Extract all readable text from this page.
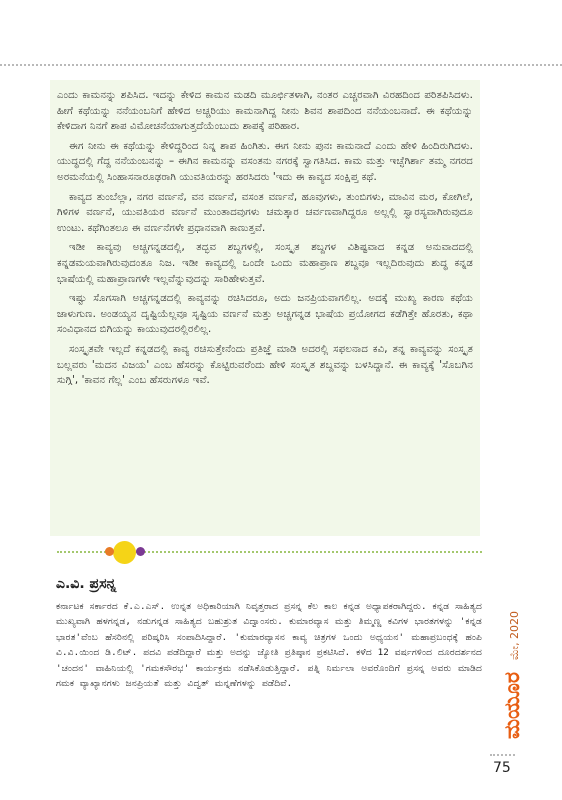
ಎಂದು ಕಾಮನನ್ನು ಶಪಿಸಿದ. ಇದನ್ನು ಕೇಳಿದ ಕಾಮನ ಮಡದಿ ಮೂರ್ಛಿತಳಾಗಿ, ನಂತರ ಎಚ್ಚರವಾಗಿ ವಿರಹದಿಂದ ಪರಿತಪಿಸಿದಳು. ಹೀಗೆ ಕಥೆಯನ್ನು ನನೆಯಂಬನಿಗೆ ಹೇಳಿದ ಅಚ್ಚರಿಯು ಕಾಮನಾಗಿದ್ದ ನೀನು ಶಿವನ ಶಾಪದಿಂದ ನನೆಯಂಬನಾದೆ. ಈ ಕಥೆಯನ್ನು ಕೇಳಿದಾಗ ನಿನಗೆ ಶಾಪ ವಿಮೋಚನೆಯಾಗುತ್ತದೆಯೆಂಬುದು ಶಾಪಕ್ಕೆ ಪರಿಹಾರ.

ಈಗ ನೀನು ಈ ಕಥೆಯನ್ನು ಕೇಳಿದ್ದರಿಂದ ನಿನ್ನ ಶಾಪ ಹಿಂಗಿತು. ಈಗ ನೀನು ಪುನಃ ಕಾಮನಾದೆ ಎಂದು ಹೇಳಿ ಹಿಂದಿರುಗಿದಳು. ಯುದ್ಧದಲ್ಲಿ ಗೆದ್ದ ನನೆಯಂಬನನ್ನು – ಈಗಿನ ಕಾಮನನ್ನು ವಸಂತನು ನಗರಕ್ಕೆ ಸ್ವಾಗತಿಸಿದ. ಕಾಮ ಮತ್ತು ಇಚ್ಛೆಗಿರ್ಶಾ ತಮ್ಮ ನಗರದ ಅರಮನೆಯಲ್ಲಿ ಸಿಂಹಾಸನಾರೂಢರಾಗಿ ಯುವತಿಯರನ್ನು ಹರಸಿದರು 'ಇದು ಈ ಕಾವ್ಯದ ಸಂಕ್ಷಿಪ್ತ ಕಥೆ.

ಕಾವ್ಯದ ತುಂಬೆಲ್ಲಾ, ನಗರ ವರ್ಣನೆ, ವನ ವರ್ಣನೆ, ವಸಂತ ವರ್ಣನೆ, ಹೂವುಗಳು, ತುಂಬಿಗಳು, ಮಾವಿನ ಮರ, ಕೋಗಿಲೆ, ಗಿಳಿಗಳ ವರ್ಣನೆ, ಯುವತಿಯರ ವರ್ಣನೆ ಮುಂತಾದವುಗಳು ಚಮತ್ಕಾರ ಚರ್ವಣವಾಗಿದ್ದರೂ ಅಲ್ಲಲ್ಲಿ ಸ್ವಾರಸ್ಯವಾಗಿರುವುದೂ ಉಂಟು. ಕಥೆಗಿಂತಲೂ ಈ ವರ್ಣನೆಗಳೇ ಪ್ರಧಾನವಾಗಿ ಕಾಣುತ್ತವೆ.

ಇಡೀ ಕಾವ್ಯವು ಅಚ್ಚಗನ್ನಡದಲ್ಲಿ, ತದ್ಭವ ಶಬ್ದಗಳಲ್ಲಿ, ಸಂಸ್ಕೃತ ಶಬ್ದಗಳ ವಿಶಿಷ್ಟವಾದ ಕನ್ನಡ ಅನುವಾದದಲ್ಲಿ ಕನ್ನಡಮಯವಾಗಿರುವುದಂತೂ ನಿಜ. ಇಡೀ ಕಾವ್ಯದಲ್ಲಿ ಒಂದೇ ಒಂದು ಮಹಾಪ್ರಾಣ ಶಬ್ದವೂ ಇಲ್ಲದಿರುವುದು ಶುದ್ಧ ಕನ್ನಡ ಭಾಷೆಯಲ್ಲಿ ಮಹಾಪ್ರಾಣಗಳೇ ಇಲ್ಲವೆನ್ನುವುದನ್ನು ಸಾರಿಹೇಳುತ್ತವೆ.

ಇಷ್ಟು ಸೊಗಸಾಗಿ ಅಚ್ಚಗನ್ನಡದಲ್ಲಿ ಕಾವ್ಯವನ್ನು ರಚಿಸಿದರೂ, ಅದು ಜನಪ್ರಿಯವಾಗಲಿಲ್ಲ. ಅದಕ್ಕೆ ಮುಖ್ಯ ಕಾರಣ ಕಥೆಯ ಜಾಳುಗುಣ. ಅಂಡಯ್ಯನ ದೃಷ್ಟಿಯೆಲ್ಲವೂ ಸೃಷ್ಟಿಯ ವರ್ಣನೆ ಮತ್ತು ಅಚ್ಚಗನ್ನಡ ಭಾಷೆಯ ಪ್ರಯೋಗದ ಕಡೆಗಿತ್ತೇ ಹೊರತು, ಕಥಾ ಸಂವಿಧಾನದ ಬಿಗಿಯನ್ನು ಕಾಯುವುದರಲ್ಲಿರಲಿಲ್ಲ.

ಸಂಸ್ಕೃತವೇ ಇಲ್ಲದೆ ಕನ್ನಡದಲ್ಲಿ ಕಾವ್ಯ ರಚಿಸುತ್ತೇನೆಂದು ಪ್ರತಿಜ್ಞೆ ಮಾಡಿ ಅದರಲ್ಲಿ ಸಫಲನಾದ ಕವಿ, ತನ್ನ ಕಾವ್ಯವನ್ನು ಸಂಸ್ಕೃತ ಬಲ್ಲವರು 'ಮದನ ವಿಜಯ' ಎಂಬ ಹೆಸರನ್ನು ಕೊಟ್ಟಿರುವರೆಂದು ಹೇಳಿ ಸಂಸ್ಕೃತ ಶಬ್ದವನ್ನು ಬಳಸಿದ್ದಾನೆ. ಈ ಕಾವ್ಯಕ್ಕೆ 'ಸೊಬಗಿನ ಸುಗ್ಗಿ', 'ಕಾವನ ಗೆಲ್ಲ' ಎಂಬ ಹೆಸರುಗಳೂ ಇವೆ.

ಎ.ವಿ. ಪ್ರಸನ್ನ

ಕರ್ನಾಟಕ ಸರ್ಕಾರದ ಕೆ.ಎ.ಎಸ್. ಉನ್ನತ ಅಧಿಕಾರಿಯಾಗಿ ನಿವೃತ್ತರಾದ ಪ್ರಸನ್ನ ಕೆಲ ಕಾಲ ಕನ್ನಡ ಅಧ್ಯಾಪಕರಾಗಿದ್ದರು. ಕನ್ನಡ ಸಾಹಿತ್ಯದ ಮುಖ್ಯವಾಗಿ ಹಳಗನ್ನಡ, ನಡುಗನ್ನಡ ಸಾಹಿತ್ಯದ ಬಹುಶ್ರುತ ವಿದ್ವಾಂಸರು. ಕುಮಾರವ್ಯಾಸ ಮತ್ತು ತಿಮ್ಮಣ್ಣ ಕವಿಗಳ ಭಾರತಗಳನ್ನು 'ಕನ್ನಡ ಭಾರತ'ವೆಂಬ ಹೆಸರಿನಲ್ಲಿ ಪರಿಷ್ಕರಿಸಿ ಸಂಪಾದಿಸಿದ್ದಾರೆ. 'ಕುಮಾರವ್ಯಾಸನ ಕಾವ್ಯ ಚಿತ್ರಗಳ ಒಂದು ಅಧ್ಯಯನ' ಮಹಾಪ್ರಬಂಧಕ್ಕೆ ಹಂಪಿ ವಿ.ವಿ.ಯಿಂದ ಡಿ.ಲಿಟ್. ಪದವಿ ಪಡೆದಿದ್ದಾರೆ ಮತ್ತು ಅದನ್ನು ಜ್ಯೋತಿ ಪ್ರತಿಷ್ಠಾನ ಪ್ರಕಟಿಸಿದೆ. ಕಳೆದ 12 ವರ್ಷಗಳಿಂದ ದೂರದರ್ಶನದ 'ಚಂದನ' ವಾಹಿನಿಯಲ್ಲಿ 'ಗಮಕಸೌರಭ' ಕಾರ್ಯಕ್ರಮ ನಡೆಸಿಕೊಡುತ್ತಿದ್ದಾರೆ. ಪತ್ನಿ ನಿರ್ಮಲಾ ಅವರೊಂದಿಗೆ ಪ್ರಸನ್ನ ಅವರು ಮಾಡಿದ ಗಮಕ ವ್ಯಾಖ್ಯಾನಗಳು ಜನಪ್ರಿಯತೆ ಮತ್ತು ವಿದ್ವತ್ ಮನ್ನಣೆಗಳನ್ನು ಪಡೆದಿವೆ.

ಮೇ, 2020
ಮಯೂರ
75
